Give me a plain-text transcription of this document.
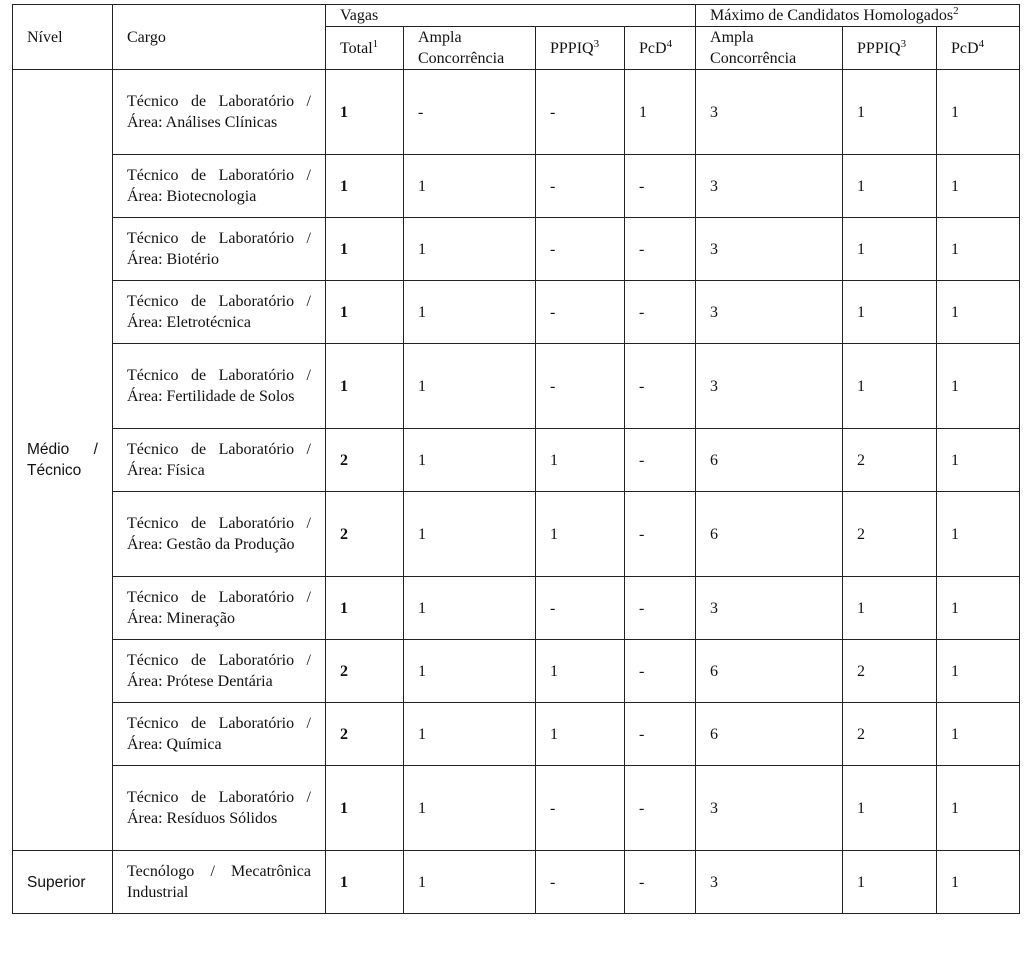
Nível	Cargo	Vagas				Máximo de Candidatos Homologados$^2$
		Total$^1$	Ampla Concorrência	PPPIQ$^3$	PcD$^4$	Ampla Concorrência	PPPIQ$^3$	PcD$^4$
Médio / Técnico	Técnico de Laboratório / Área: Análises Clínicas	1	-	-	1	3	1	1
	Técnico de Laboratório / Área: Biotecnologia	1	1	-	-	3	1	1
	Técnico de Laboratório / Área: Biotério	1	1	-	-	3	1	1
	Técnico de Laboratório / Área: Eletrotécnica	1	1	-	-	3	1	1
	Técnico de Laboratório / Área: Fertilidade de Solos	1	1	-	-	3	1	1
	Técnico de Laboratório / Área: Física	2	1	1	-	6	2	1
	Técnico de Laboratório / Área: Gestão da Produção	2	1	1	-	6	2	1
	Técnico de Laboratório / Área: Mineração	1	1	-	-	3	1	1
	Técnico de Laboratório / Área: Prótese Dentária	2	1	1	-	6	2	1
	Técnico de Laboratório / Área: Química	2	1	1	-	6	2	1
	Técnico de Laboratório / Área: Resíduos Sólidos	1	1	-	-	3	1	1
Superior	Tecnólogo / Mecatrônica Industrial	1	1	-	-	3	1	1
